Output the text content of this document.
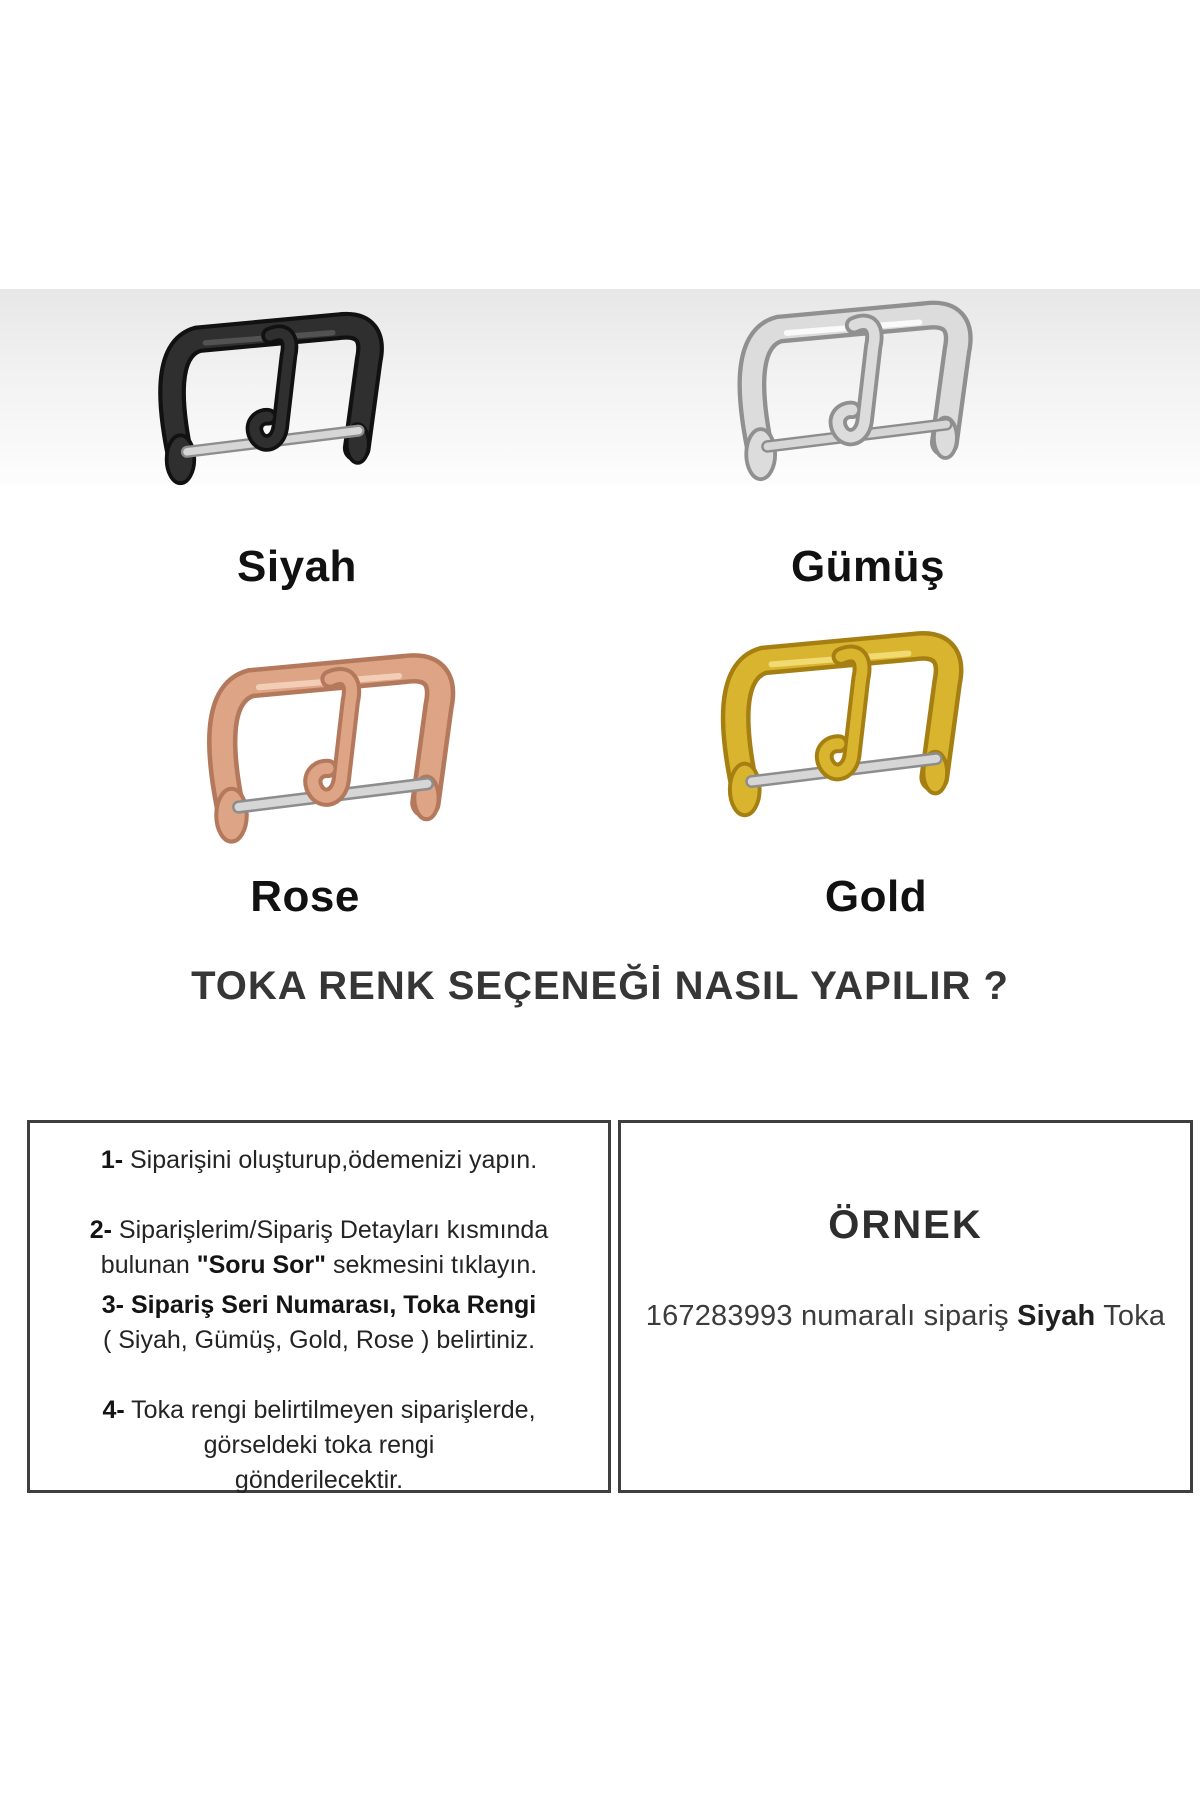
Siyah	Gümüş
Rose	Gold
TOKA RENK SEÇENEĞİ NASIL YAPILIR ?
1- Siparişini oluşturup,ödemenizi yapın.
2- Siparişlerim/Sipariş Detayları kısmında
bulunan "Soru Sor" sekmesini tıklayın.
3- Sipariş Seri Numarası, Toka Rengi
( Siyah, Gümüş, Gold, Rose ) belirtiniz.
4- Toka rengi belirtilmeyen siparişlerde,
görseldeki toka rengi
gönderilecektir.
ÖRNEK
167283993 numaralı sipariş Siyah Toka
